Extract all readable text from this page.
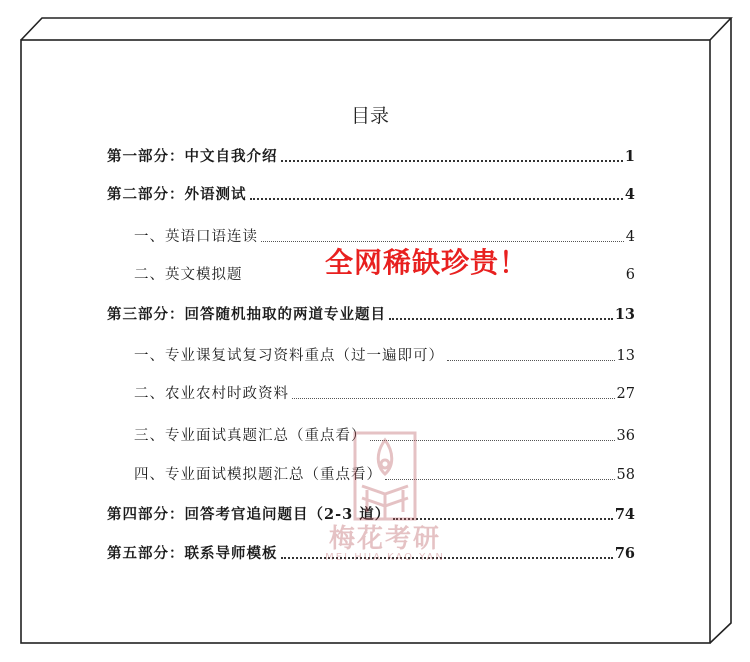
目录
第一部分：中文自我介绍	1
第二部分：外语测试	4
一、英语口语连读	4
二、英文模拟题	6
第三部分：回答随机抽取的两道专业题目	13
一、专业课复试复习资料重点（过一遍即可）	13
二、农业农村时政资料	27
三、专业面试真题汇总（重点看）	36
四、专业面试模拟题汇总（重点看）	58
第四部分：回答考官追问题目（2-3 道）	74
第五部分：联系导师模板	76
全网稀缺珍贵！
梅花考研
MEI HUA KAO YAN
